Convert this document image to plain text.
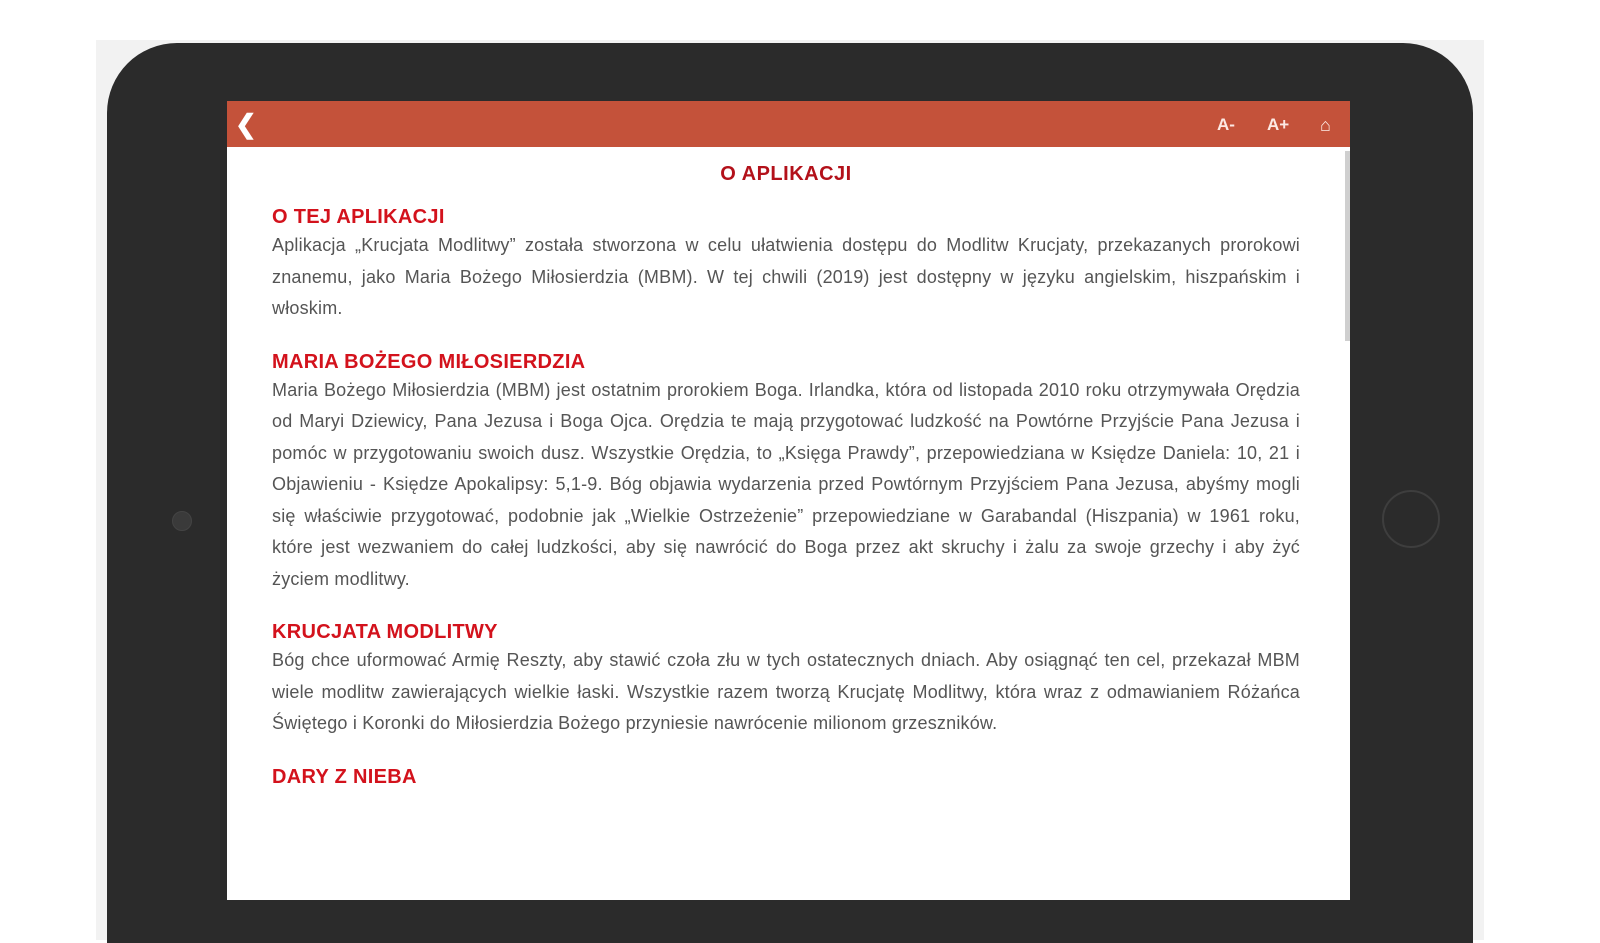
❮	A- A+ ⌂
O APLIKACJI
O TEJ APLIKACJI

Aplikacja „Krucjata Modlitwy” została stworzona w celu ułatwienia dostępu do Modlitw Krucjaty, przekazanych prorokowi znanemu, jako Maria Bożego Miłosierdzia (MBM). W tej chwili (2019) jest dostępny w języku angielskim, hiszpańskim i włoskim.

MARIA BOŻEGO MIŁOSIERDZIA

Maria Bożego Miłosierdzia (MBM) jest ostatnim prorokiem Boga. Irlandka, która od listopada 2010 roku otrzymywała Orędzia od Maryi Dziewicy, Pana Jezusa i Boga Ojca. Orędzia te mają przygotować ludzkość na Powtórne Przyjście Pana Jezusa i pomóc w przygotowaniu swoich dusz. Wszystkie Orędzia, to „Księga Prawdy”, przepowiedziana w Księdze Daniela: 10, 21 i Objawieniu - Księdze Apokalipsy: 5,1-9. Bóg objawia wydarzenia przed Powtórnym Przyjściem Pana Jezusa, abyśmy mogli się właściwie przygotować, podobnie jak „Wielkie Ostrzeżenie” przepowiedziane w Garabandal (Hiszpania) w 1961 roku, które jest wezwaniem do całej ludzkości, aby się nawrócić do Boga przez akt skruchy i żalu za swoje grzechy i aby żyć życiem modlitwy.

KRUCJATA MODLITWY

Bóg chce uformować Armię Reszty, aby stawić czoła złu w tych ostatecznych dniach. Aby osiągnąć ten cel, przekazał MBM wiele modlitw zawierających wielkie łaski. Wszystkie razem tworzą Krucjatę Modlitwy, która wraz z odmawianiem Różańca Świętego i Koronki do Miłosierdzia Bożego przyniesie nawrócenie milionom grzeszników.

DARY Z NIEBA
